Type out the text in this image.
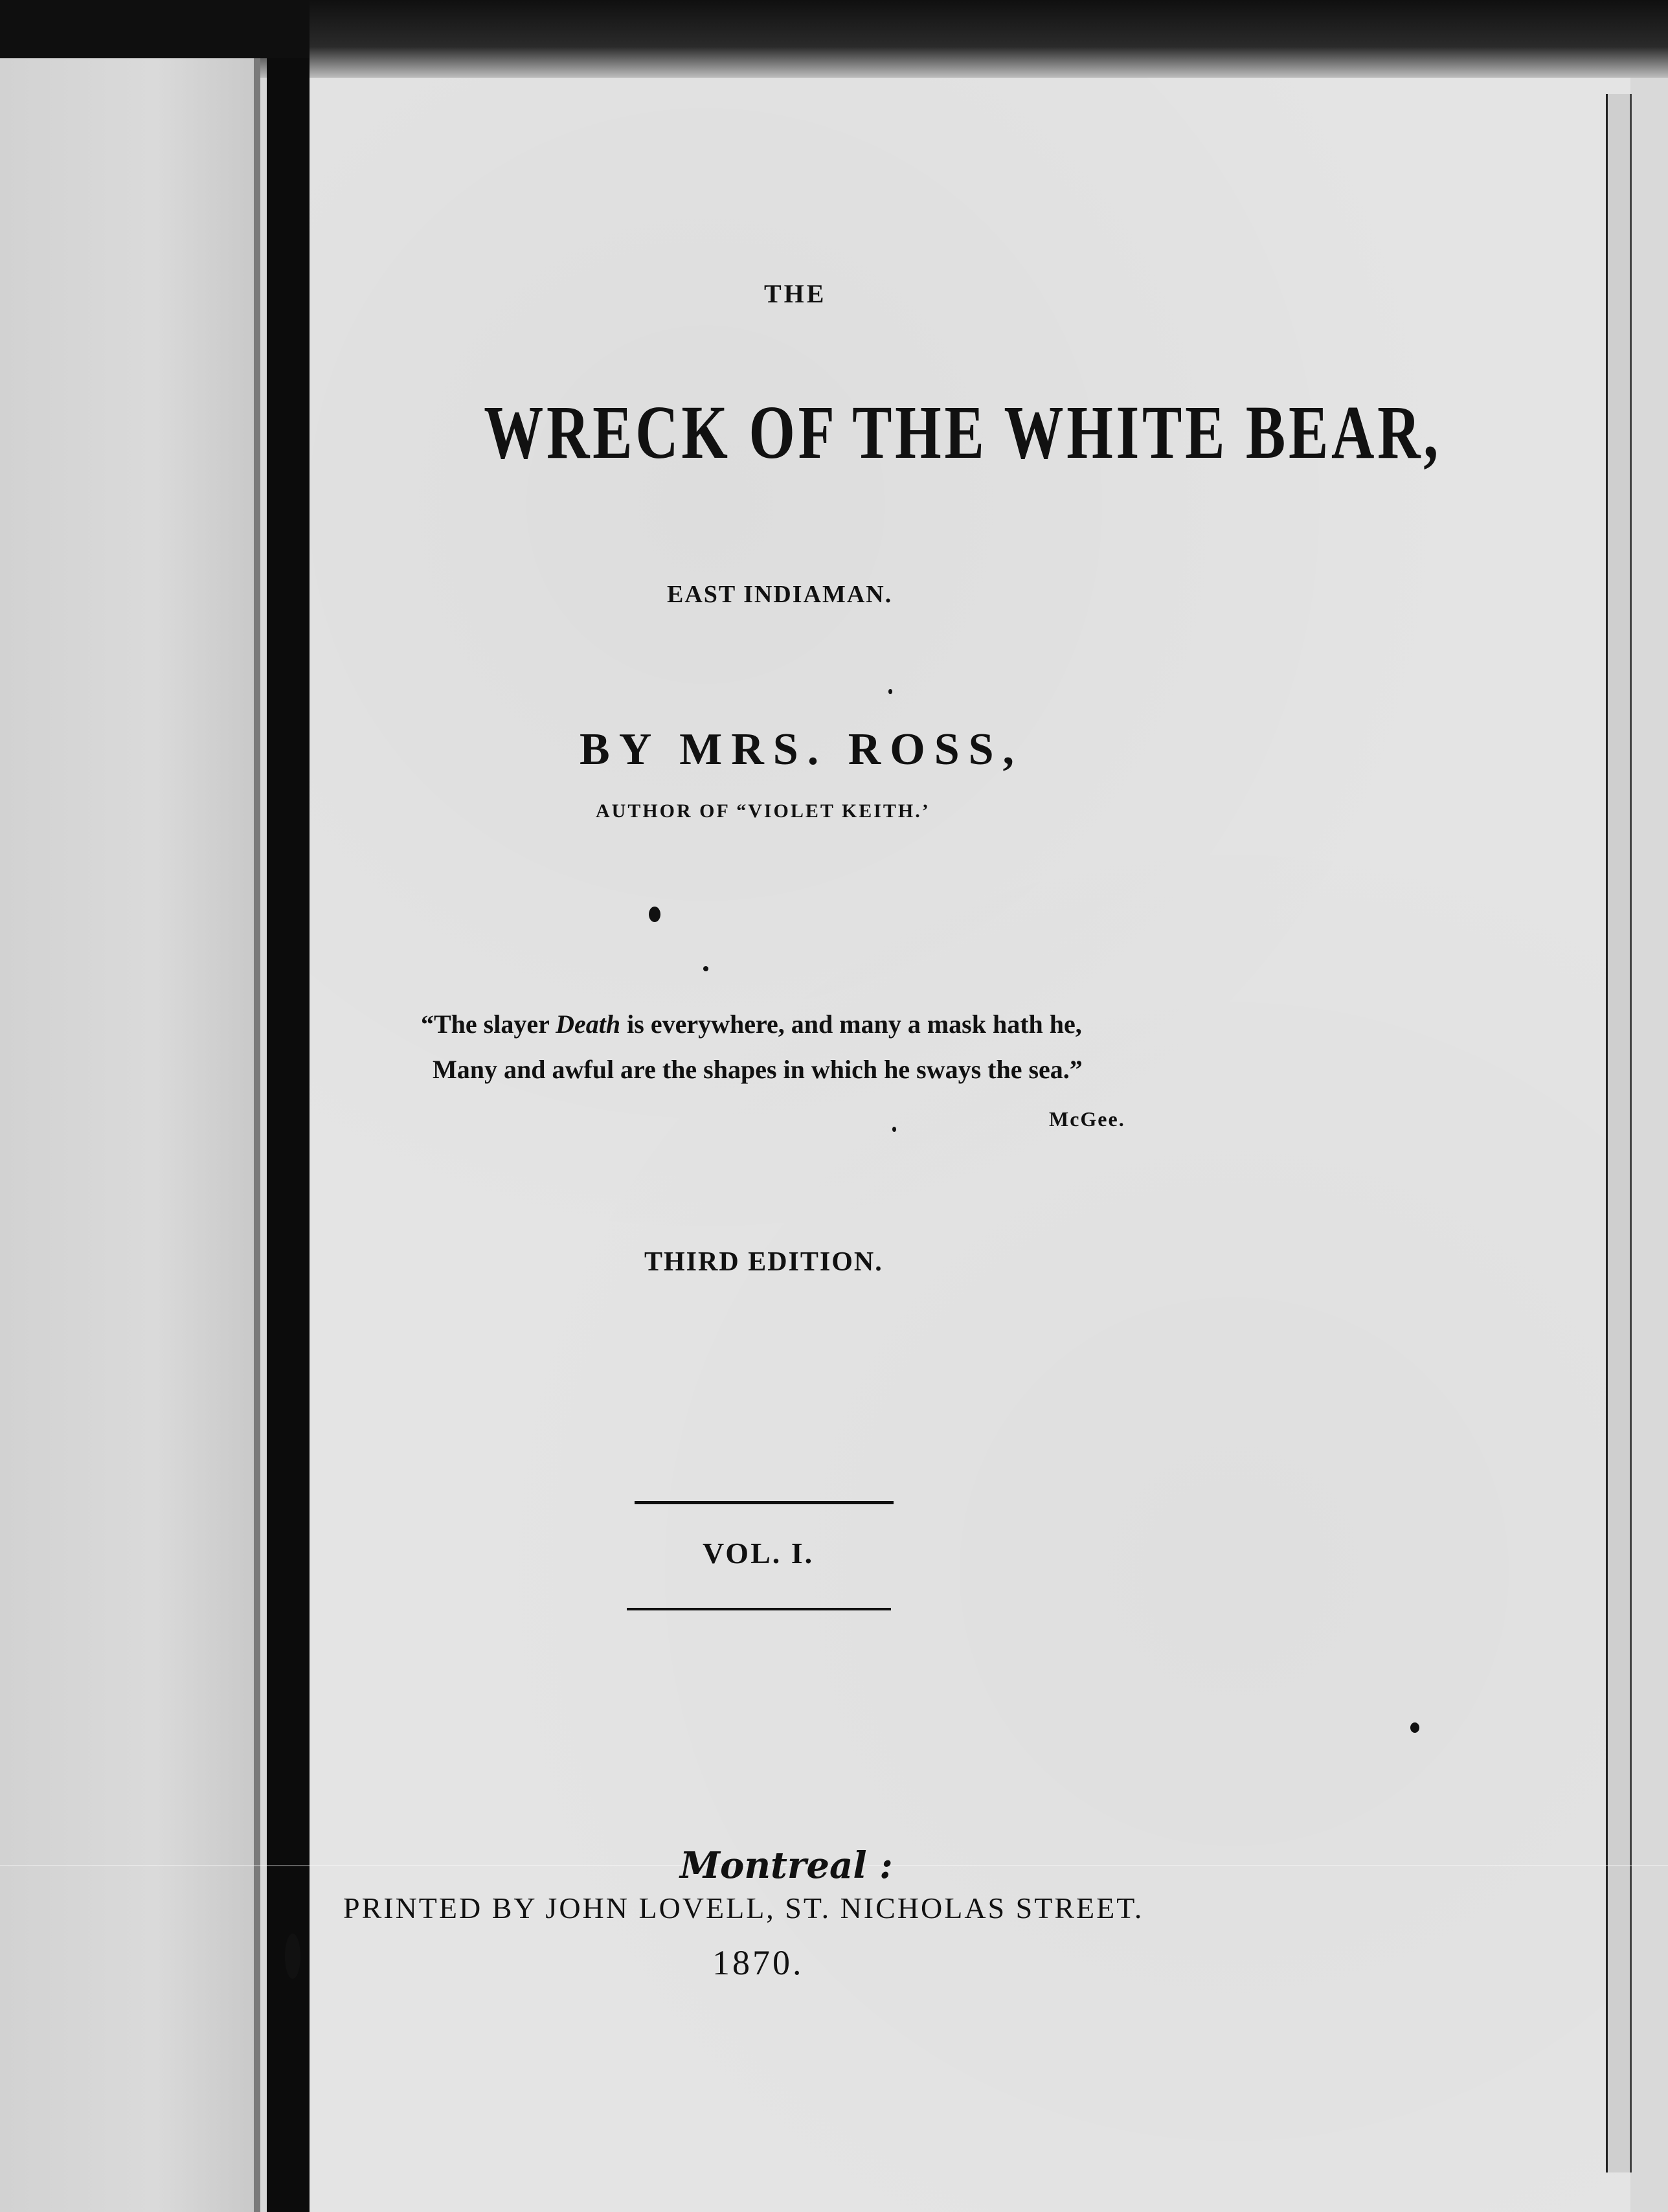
THE
WRECK OF THE WHITE BEAR,
EAST INDIAMAN.
BY MRS. ROSS,
AUTHOR OF “VIOLET KEITH.’
“The slayer Death is everywhere, and many a mask hath he,
Many and awful are the shapes in which he sways the sea.”
McGee.
THIRD EDITION.
VOL. I.
Montreal :
PRINTED BY JOHN LOVELL, ST. NICHOLAS STREET.
1870.
